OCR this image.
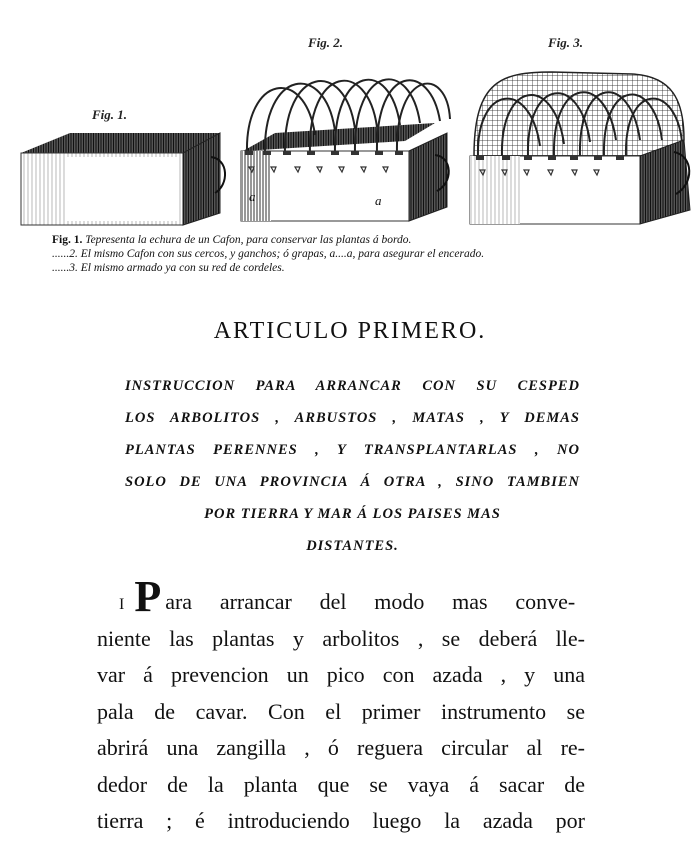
Fig. 1.
Fig. 2.	Fig. 3.
a	a
Fig. 1. Tepresenta la echura de un Cafon, para conservar las plantas á bordo.
......2. El mismo Cafon con sus cercos, y ganchos; ó grapas, a....a, para asegurar el encerado.
......3. El mismo armado ya con su red de cordeles.
ARTICULO PRIMERO.
INSTRUCCION PARA ARRANCAR CON SU CESPED
LOS ARBOLITOS , ARBUSTOS , MATAS , Y DEMAS
PLANTAS PERENNES , Y TRANSPLANTARLAS , NO
SOLO DE UNA PROVINCIA Á OTRA , SINO TAMBIEN
POR TIERRA Y MAR Á LOS PAISES MAS
DISTANTES.
I P ara arrancar del modo mas conve-
niente las plantas y arbolitos , se deberá lle-
var á prevencion un pico con azada , y una
pala de cavar. Con el primer instrumento se
abrirá una zangilla , ó reguera circular al re-
dedor de la planta que se vaya á sacar de
tierra ; é introduciendo luego la azada por
